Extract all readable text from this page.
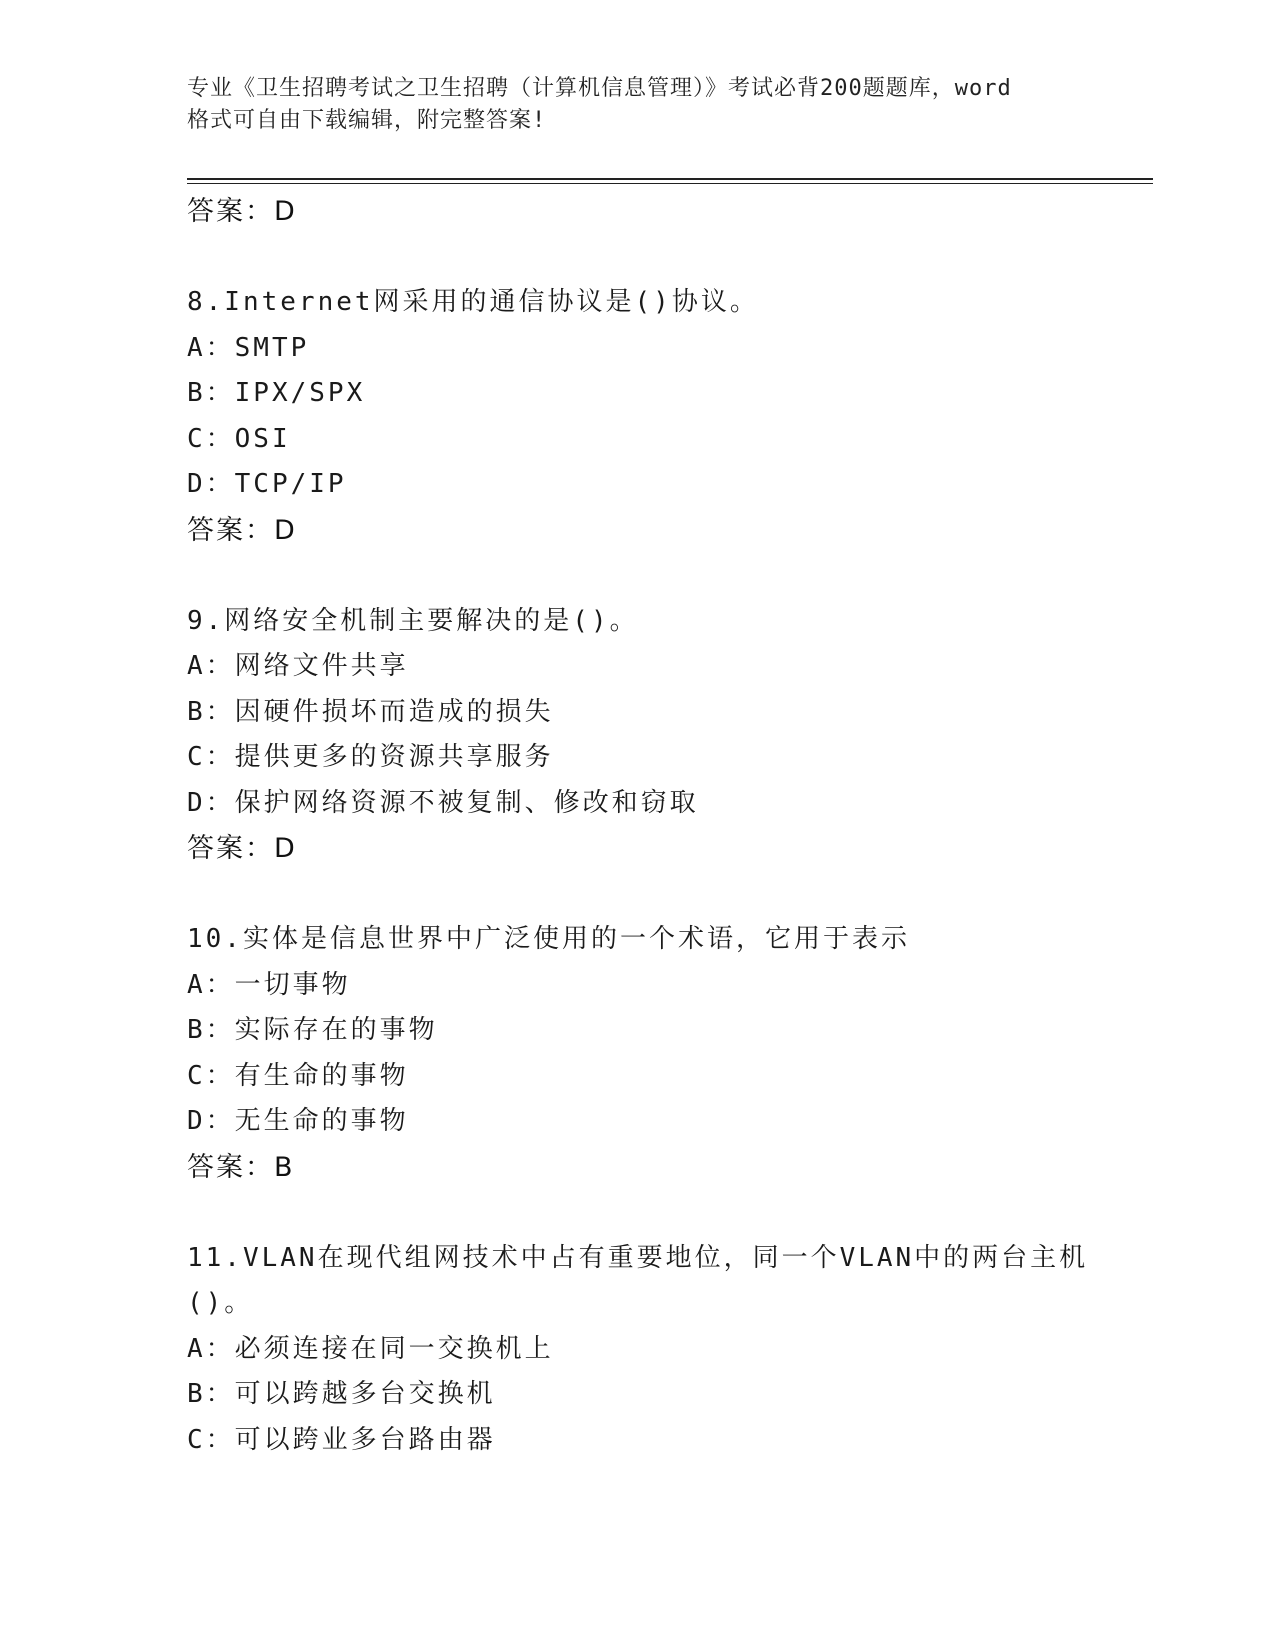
专业《卫生招聘考试之卫生招聘（计算机信息管理）》考试必背200题题库，word
格式可自由下载编辑，附完整答案!
答案：D
8.Internet网采用的通信协议是()协议。
A：SMTP
B：IPX/SPX
C：OSI
D：TCP/IP
答案：D
9.网络安全机制主要解决的是()。
A：网络文件共享
B：因硬件损坏而造成的损失
C：提供更多的资源共享服务
D：保护网络资源不被复制、修改和窃取
答案：D
10.实体是信息世界中广泛使用的一个术语，它用于表示
A：一切事物
B：实际存在的事物
C：有生命的事物
D：无生命的事物
答案：B
11.VLAN在现代组网技术中占有重要地位，同一个VLAN中的两台主机
()。
A：必须连接在同一交换机上
B：可以跨越多台交换机
C：可以跨业多台路由器
